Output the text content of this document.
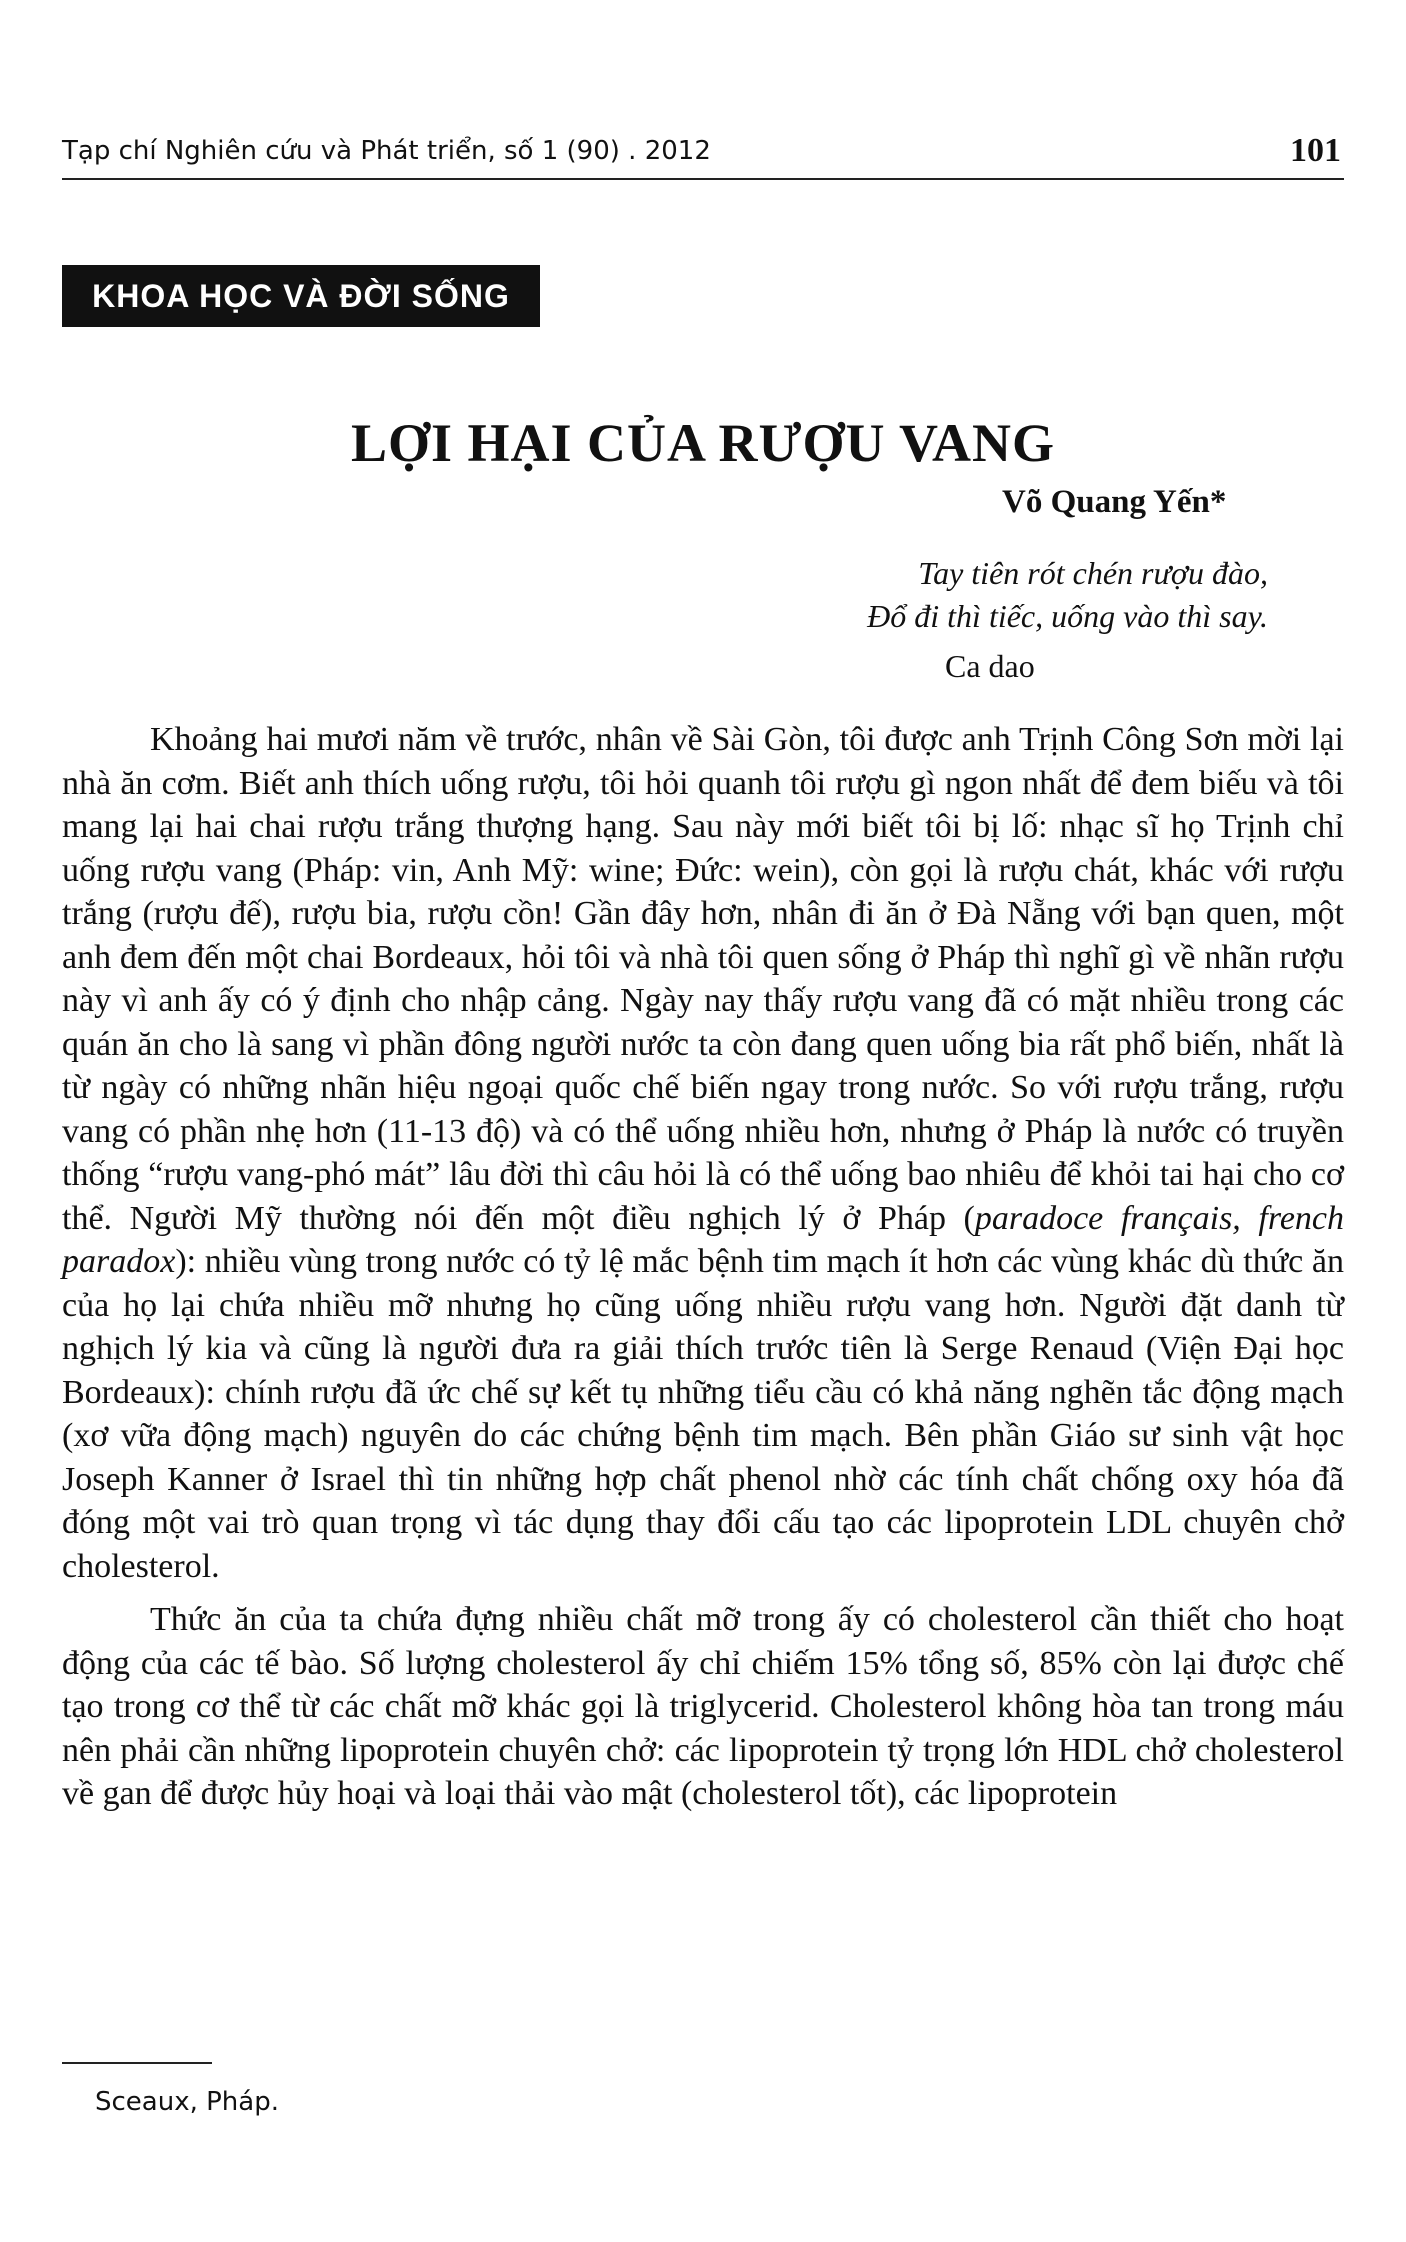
Tạp chí Nghiên cứu và Phát triển, số 1 (90) . 2012	101
KHOA HỌC VÀ ĐỜI SỐNG
LỢI HẠI CỦA RƯỢU VANG
Võ Quang Yến*
Tay tiên rót chén rượu đào,
Đổ đi thì tiếc, uống vào thì say.
Ca dao

Khoảng hai mươi năm về trước, nhân về Sài Gòn, tôi được anh Trịnh Công Sơn mời lại nhà ăn cơm. Biết anh thích uống rượu, tôi hỏi quanh tôi rượu gì ngon nhất để đem biếu và tôi mang lại hai chai rượu trắng thượng hạng. Sau này mới biết tôi bị lố: nhạc sĩ họ Trịnh chỉ uống rượu vang (Pháp: vin, Anh Mỹ: wine; Đức: wein), còn gọi là rượu chát, khác với rượu trắng (rượu đế), rượu bia, rượu cồn! Gần đây hơn, nhân đi ăn ở Đà Nẵng với bạn quen, một anh đem đến một chai Bordeaux, hỏi tôi và nhà tôi quen sống ở Pháp thì nghĩ gì về nhãn rượu này vì anh ấy có ý định cho nhập cảng. Ngày nay thấy rượu vang đã có mặt nhiều trong các quán ăn cho là sang vì phần đông người nước ta còn đang quen uống bia rất phổ biến, nhất là từ ngày có những nhãn hiệu ngoại quốc chế biến ngay trong nước. So với rượu trắng, rượu vang có phần nhẹ hơn (11-13 độ) và có thể uống nhiều hơn, nhưng ở Pháp là nước có truyền thống “rượu vang-phó mát” lâu đời thì câu hỏi là có thể uống bao nhiêu để khỏi tai hại cho cơ thể. Người Mỹ thường nói đến một điều nghịch lý ở Pháp (paradoce français, french paradox): nhiều vùng trong nước có tỷ lệ mắc bệnh tim mạch ít hơn các vùng khác dù thức ăn của họ lại chứa nhiều mỡ nhưng họ cũng uống nhiều rượu vang hơn. Người đặt danh từ nghịch lý kia và cũng là người đưa ra giải thích trước tiên là Serge Renaud (Viện Đại học Bordeaux): chính rượu đã ức chế sự kết tụ những tiểu cầu có khả năng nghẽn tắc động mạch (xơ vữa động mạch) nguyên do các chứng bệnh tim mạch. Bên phần Giáo sư sinh vật học Joseph Kanner ở Israel thì tin những hợp chất phenol nhờ các tính chất chống oxy hóa đã đóng một vai trò quan trọng vì tác dụng thay đổi cấu tạo các lipoprotein LDL chuyên chở cholesterol.

Thức ăn của ta chứa đựng nhiều chất mỡ trong ấy có cholesterol cần thiết cho hoạt động của các tế bào. Số lượng cholesterol ấy chỉ chiếm 15% tổng số, 85% còn lại được chế tạo trong cơ thể từ các chất mỡ khác gọi là triglycerid. Cholesterol không hòa tan trong máu nên phải cần những lipoprotein chuyên chở: các lipoprotein tỷ trọng lớn HDL chở cholesterol về gan để được hủy hoại và loại thải vào mật (cholesterol tốt), các lipoprotein

Sceaux, Pháp.
